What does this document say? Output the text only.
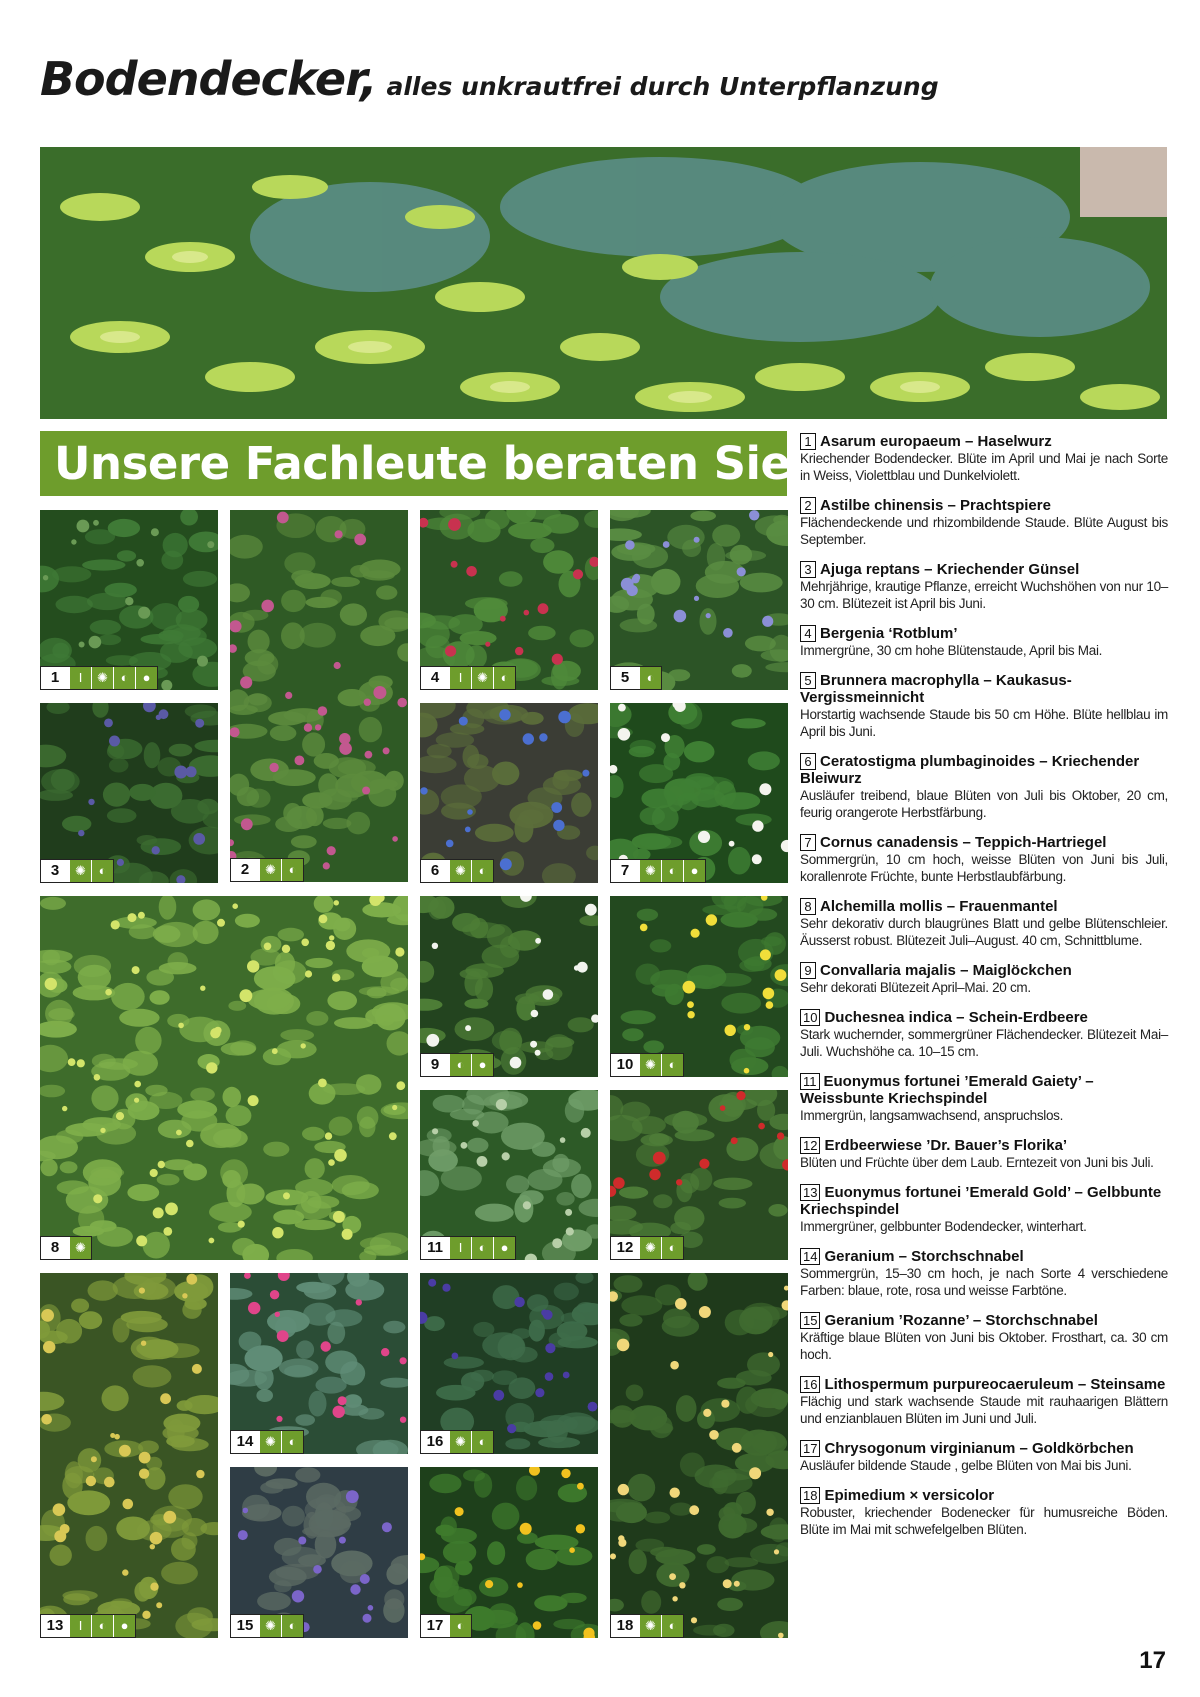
Bodendecker, alles unkrautfrei durch Unterpflanzung
Unsere Fachleute beraten Sie
1	I	✺ ◐	●
2	✺ ◐
3	✺ ◐
4	I	✺ ◐	5	◐
6	✺ ◐	7	✺ ◐	●
8	✺
9	◐	●	10 ✺ ◐
11	I	◐	●	12 ✺ ◐
13	I	◐	●
14 ✺ ◐
15 ✺ ◐
16 ✺ ◐
17	◐	18 ✺ ◐
1 Asarum europaeum – Haselwurz
Kriechender Bodendecker. Blüte im April und Mai je nach Sorte in Weiss, Violettblau und Dunkelviolett.
2 Astilbe chinensis – Prachtspiere
Flächendeckende und rhizombildende Staude. Blüte August bis September.
3 Ajuga reptans – Kriechender Günsel
Mehrjährige, krautige Pflanze, erreicht Wuchshöhen von nur 10–30 cm. Blütezeit ist April bis Juni.
4 Bergenia ‘Rotblum’
Immergrüne, 30 cm hohe Blütenstaude, April bis Mai.
5 Brunnera macrophylla – Kaukasus-Vergissmeinnicht
Horstartig wachsende Staude bis 50 cm Höhe. Blüte hellblau im April bis Juni.
6 Ceratostigma plumbaginoides – Kriechender Bleiwurz
Ausläufer treibend, blaue Blüten von Juli bis Oktober, 20 cm, feurig orangerote Herbstfärbung.
7 Cornus canadensis – Teppich-Hartriegel
Sommergrün, 10 cm hoch, weisse Blüten von Juni bis Juli, korallenrote Früchte, bunte Herbstlaubfärbung.
8 Alchemilla mollis – Frauenmantel
Sehr dekorativ durch blaugrünes Blatt und gelbe Blütenschleier. Äusserst robust. Blütezeit Juli–August. 40 cm, Schnittblume.
9 Convallaria majalis – Maiglöckchen
Sehr dekorati Blütezeit April–Mai. 20 cm.
10 Duchesnea indica – Schein-Erdbeere
Stark wuchernder, sommergrüner Flächendecker. Blütezeit Mai–Juli. Wuchshöhe ca. 10–15 cm.
11 Euonymus fortunei ’Emerald Gaiety’ – Weissbunte Kriechspindel
Immergrün, langsamwachsend, anspruchslos.
12 Erdbeerwiese ’Dr. Bauer’s Florika’
Blüten und Früchte über dem Laub. Erntezeit von Juni bis Juli.
13 Euonymus fortunei ’Emerald Gold’ – Gelbbunte Kriechspindel
Immergrüner, gelbbunter Bodendecker, winterhart.
14 Geranium – Storchschnabel
Sommergrün, 15–30 cm hoch, je nach Sorte 4 verschiedene Farben: blaue, rote, rosa und weisse Farbtöne.
15 Geranium ’Rozanne’ – Storchschnabel
Kräftige blaue Blüten von Juni bis Oktober. Frosthart, ca. 30 cm hoch.
16 Lithospermum purpureocaeruleum – Steinsame
Flächig und stark wachsende Staude mit rauhaarigen Blättern und enzianblauen Blüten im Juni und Juli.
17 Chrysogonum virginianum – Goldkörbchen
Ausläufer bildende Staude , gelbe Blüten von Mai bis Juni.
18 Epimedium × versicolor
Robuster, kriechender Bodenecker für humusreiche Böden. Blüte im Mai mit schwefelgelben Blüten.
17
